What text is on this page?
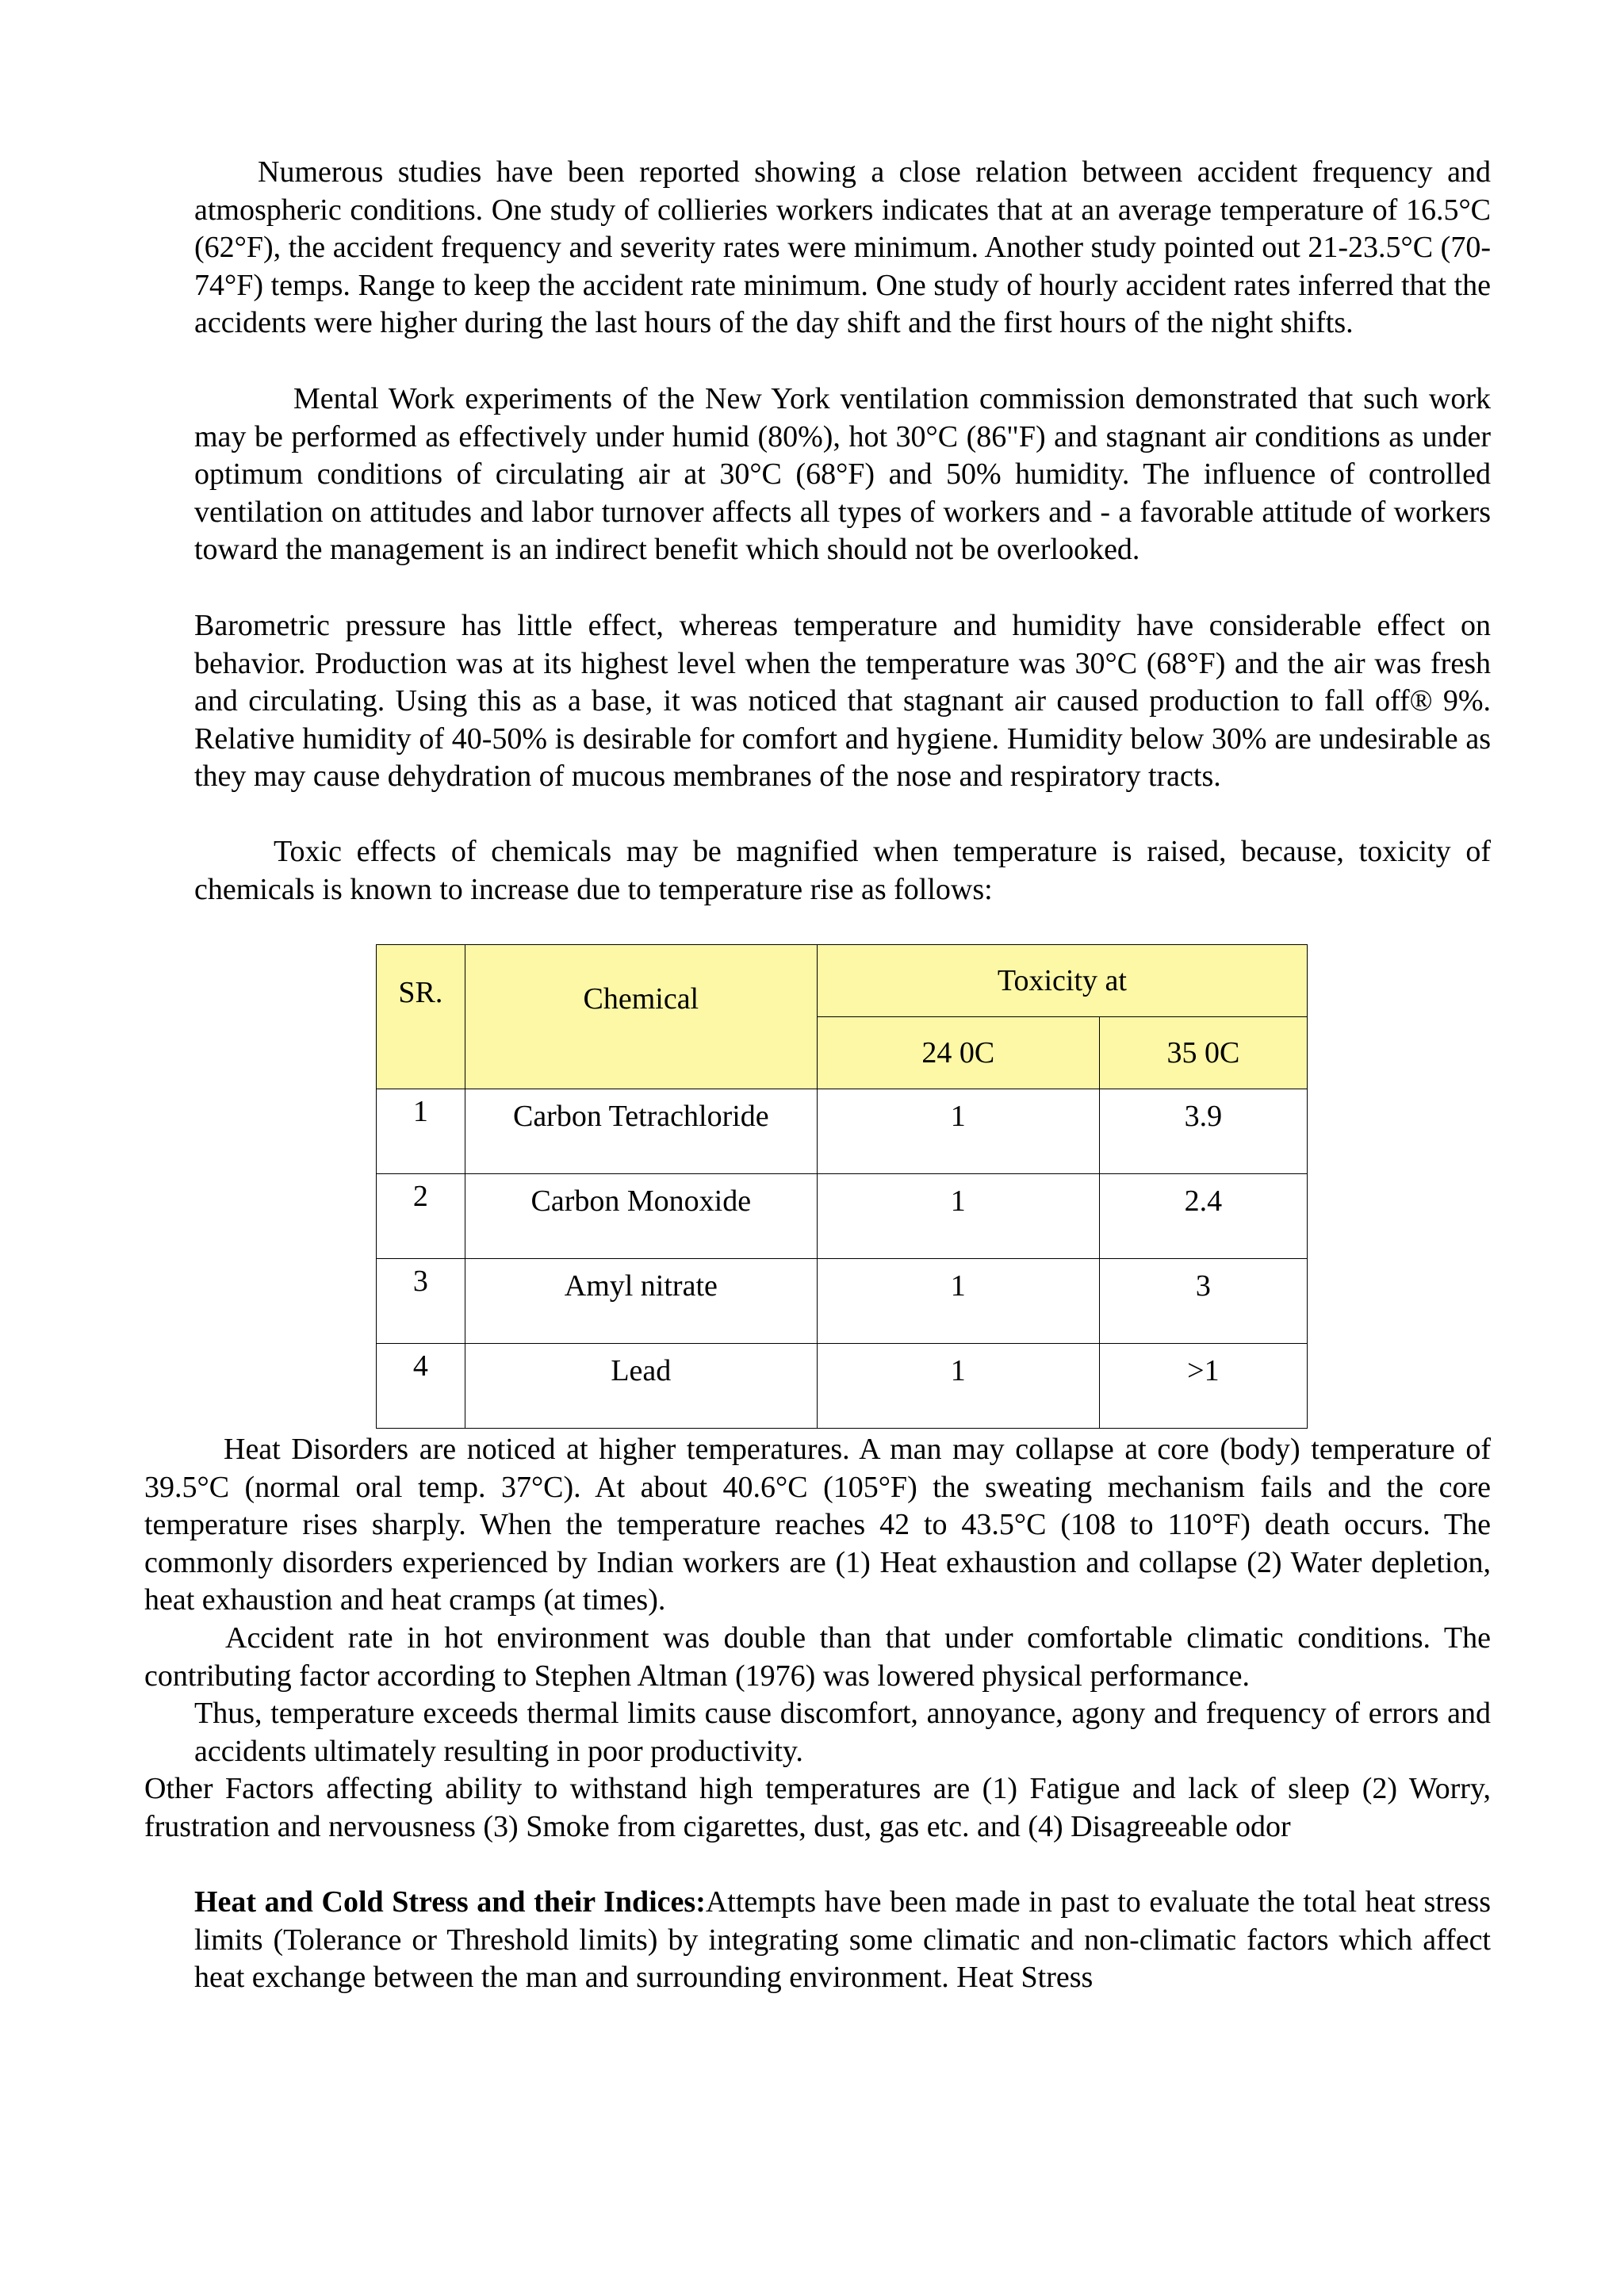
Numerous studies have been reported showing a close relation between accident frequency and atmospheric conditions. One study of collieries workers indicates that at an average temperature of 16.5°C (62°F), the accident frequency and severity rates were minimum. Another study pointed out 21-23.5°C (70-74°F) temps. Range to keep the accident rate minimum. One study of hourly accident rates inferred that the accidents were higher during the last hours of the day shift and the first hours of the night shifts.

Mental Work experiments of the New York ventilation commission demonstrated that such work may be performed as effectively under humid (80%), hot 30°C (86"F) and stagnant air conditions as under optimum conditions of circulating air at 30°C (68°F) and 50% humidity. The influence of controlled ventilation on attitudes and labor turnover affects all types of workers and - a favorable attitude of workers toward the management is an indirect benefit which should not be overlooked.

Barometric pressure has little effect, whereas temperature and humidity have considerable effect on behavior. Production was at its highest level when the temperature was 30°C (68°F) and the air was fresh and circulating. Using this as a base, it was noticed that stagnant air caused production to fall off® 9%. Relative humidity of 40-50% is desirable for comfort and hygiene. Humidity below 30% are undesirable as they may cause dehydration of mucous membranes of the nose and respiratory tracts.

Toxic effects of chemicals may be magnified when temperature is raised, because, toxicity of chemicals is known to increase due to temperature rise as follows:

SR.	Chemical	Toxicity at	
		24 0C	35 0C
1	Carbon Tetrachloride	1	3.9
2	Carbon Monoxide	1	2.4
3	Amyl nitrate	1	3
4	Lead	1	>1

Heat Disorders are noticed at higher temperatures. A man may collapse at core (body) temperature of 39.5°C (normal oral temp. 37°C). At about 40.6°C (105°F) the sweating mechanism fails and the core temperature rises sharply. When the temperature reaches 42 to 43.5°C (108 to 110°F) death occurs. The commonly disorders experienced by Indian workers are (1) Heat exhaustion and collapse (2) Water depletion, heat exhaustion and heat cramps (at times).

Accident rate in hot environment was double than that under comfortable climatic conditions. The contributing factor according to Stephen Altman (1976) was lowered physical performance.

Thus, temperature exceeds thermal limits cause discomfort, annoyance, agony and frequency of errors and accidents ultimately resulting in poor productivity.

Other Factors affecting ability to withstand high temperatures are (1) Fatigue and lack of sleep (2) Worry, frustration and nervousness (3) Smoke from cigarettes, dust, gas etc. and (4) Disagreeable odor

Heat and Cold Stress and their Indices:Attempts have been made in past to evaluate the total heat stress limits (Tolerance or Threshold limits) by integrating some climatic and non-climatic factors which affect heat exchange between the man and surrounding environment. Heat Stress
